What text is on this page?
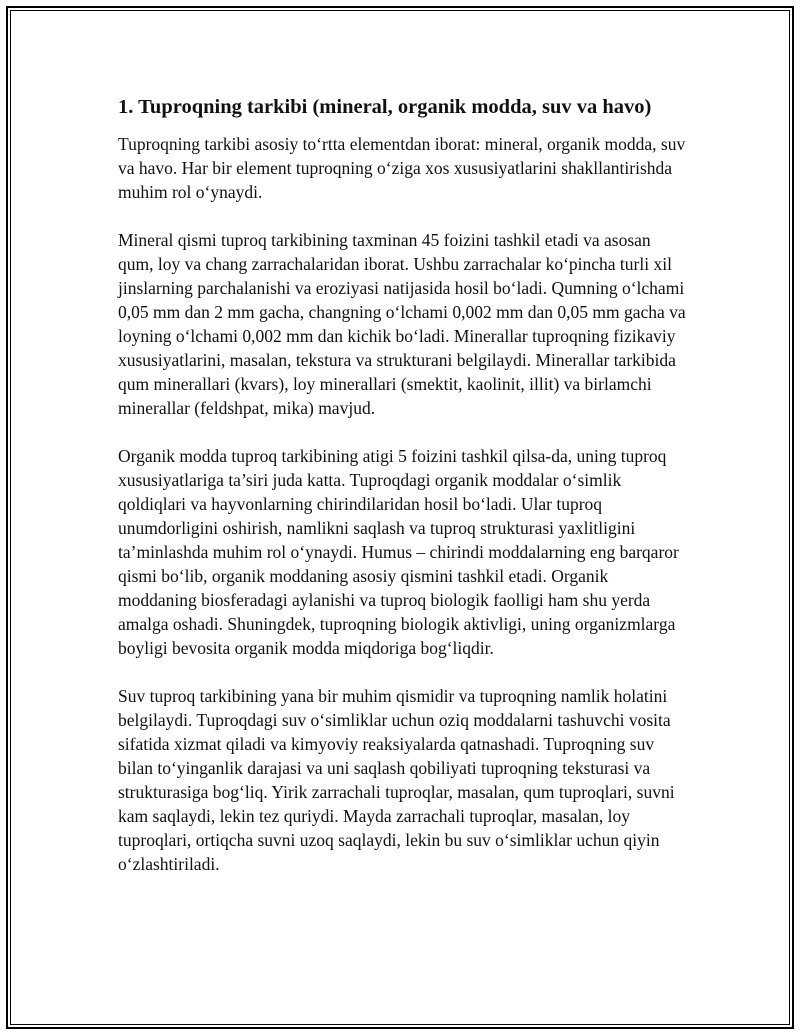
1. Tuproqning tarkibi (mineral, organik modda, suv va havo)

Tuproqning tarkibi asosiy to‘rtta elementdan iborat: mineral, organik modda, suv va havo. Har bir element tuproqning o‘ziga xos xususiyatlarini shakllantirishda muhim rol o‘ynaydi.

Mineral qismi tuproq tarkibining taxminan 45 foizini tashkil etadi va asosan qum, loy va chang zarrachalaridan iborat. Ushbu zarrachalar ko‘pincha turli xil jinslarning parchalanishi va eroziyasi natijasida hosil bo‘ladi. Qumning o‘lchami 0,05 mm dan 2 mm gacha, changning o‘lchami 0,002 mm dan 0,05 mm gacha va loyning o‘lchami 0,002 mm dan kichik bo‘ladi. Minerallar tuproqning fizikaviy xususiyatlarini, masalan, tekstura va strukturani belgilaydi. Minerallar tarkibida qum minerallari (kvars), loy minerallari (smektit, kaolinit, illit) va birlamchi minerallar (feldshpat, mika) mavjud.

Organik modda tuproq tarkibining atigi 5 foizini tashkil qilsa-da, uning tuproq xususiyatlariga ta’siri juda katta. Tuproqdagi organik moddalar o‘simlik qoldiqlari va hayvonlarning chirindilaridan hosil bo‘ladi. Ular tuproq unumdorligini oshirish, namlikni saqlash va tuproq strukturasi yaxlitligini ta’minlashda muhim rol o‘ynaydi. Humus – chirindi moddalarning eng barqaror qismi bo‘lib, organik moddaning asosiy qismini tashkil etadi. Organik moddaning biosferadagi aylanishi va tuproq biologik faolligi ham shu yerda amalga oshadi. Shuningdek, tuproqning biologik aktivligi, uning organizmlarga boyligi bevosita organik modda miqdoriga bog‘liqdir.

Suv tuproq tarkibining yana bir muhim qismidir va tuproqning namlik holatini belgilaydi. Tuproqdagi suv o‘simliklar uchun oziq moddalarni tashuvchi vosita sifatida xizmat qiladi va kimyoviy reaksiyalarda qatnashadi. Tuproqning suv bilan to‘yinganlik darajasi va uni saqlash qobiliyati tuproqning teksturasi va strukturasiga bog‘liq. Yirik zarrachali tuproqlar, masalan, qum tuproqlari, suvni kam saqlaydi, lekin tez quriydi. Mayda zarrachali tuproqlar, masalan, loy tuproqlari, ortiqcha suvni uzoq saqlaydi, lekin bu suv o‘simliklar uchun qiyin o‘zlashtiriladi.
